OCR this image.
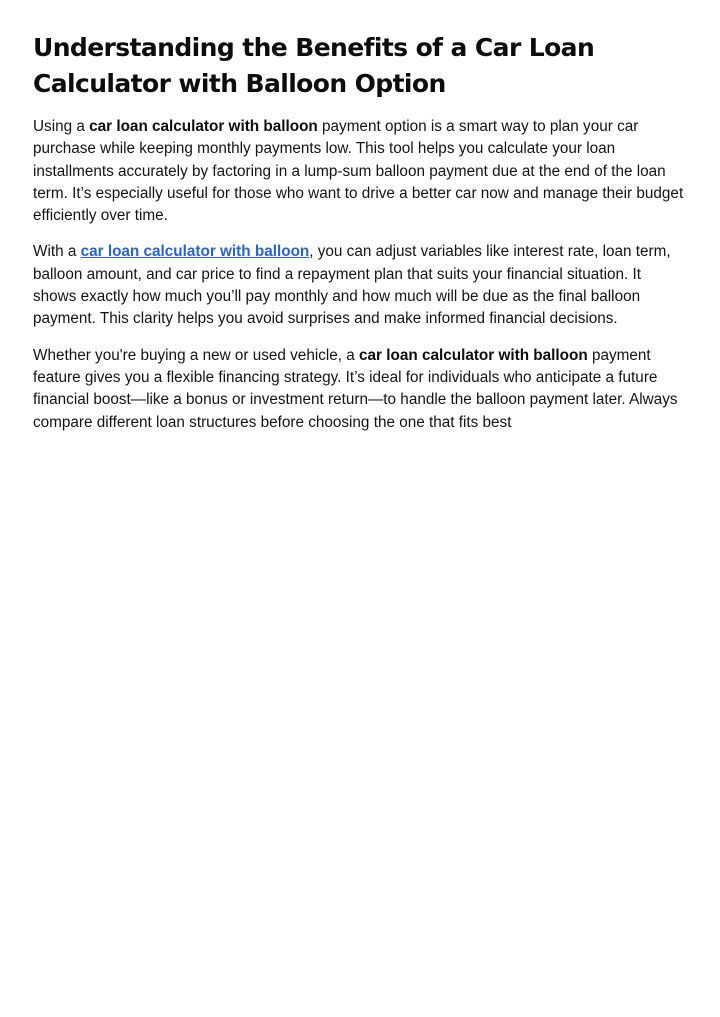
Understanding the Benefits of a Car Loan Calculator with Balloon Option

Using a car loan calculator with balloon payment option is a smart way to plan your car purchase while keeping monthly payments low. This tool helps you calculate your loan installments accurately by factoring in a lump-sum balloon payment due at the end of the loan term. It’s especially useful for those who want to drive a better car now and manage their budget efficiently over time.

With a car loan calculator with balloon, you can adjust variables like interest rate, loan term, balloon amount, and car price to find a repayment plan that suits your financial situation. It shows exactly how much you’ll pay monthly and how much will be due as the final balloon payment. This clarity helps you avoid surprises and make informed financial decisions.

Whether you're buying a new or used vehicle, a car loan calculator with balloon payment feature gives you a flexible financing strategy. It’s ideal for individuals who anticipate a future financial boost—like a bonus or investment return—to handle the balloon payment later. Always compare different loan structures before choosing the one that fits best
